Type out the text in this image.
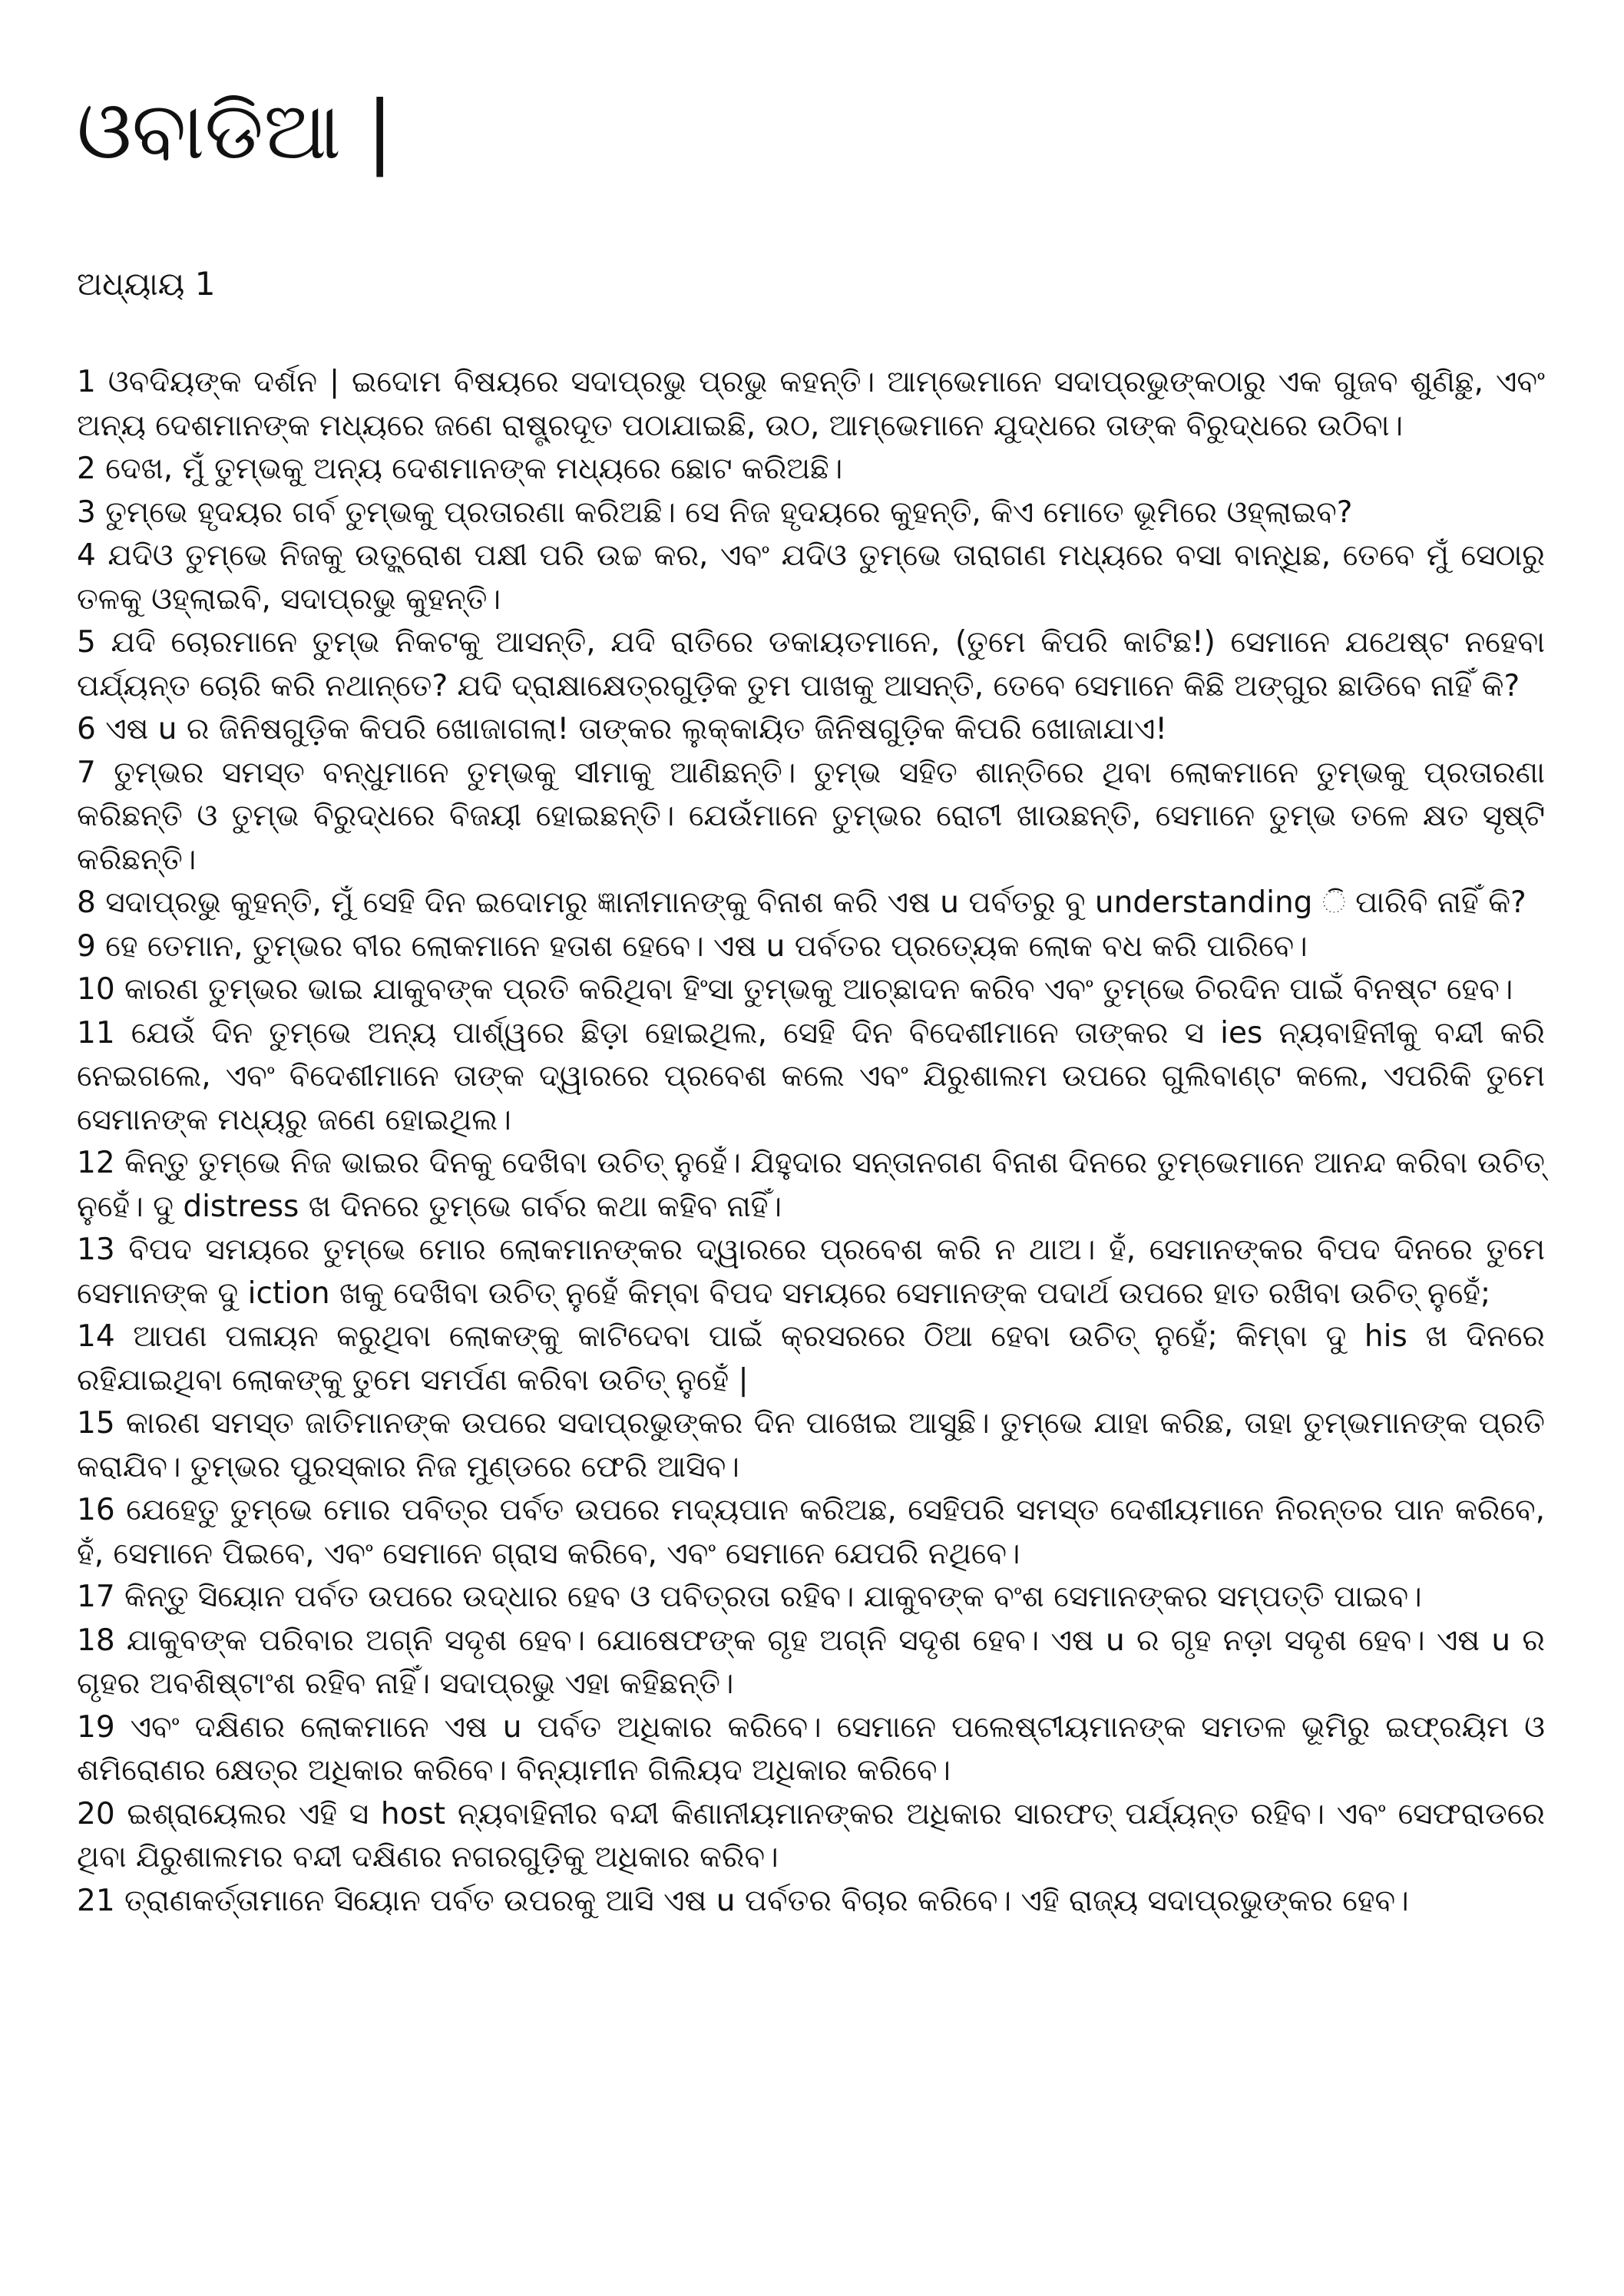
ଓବାଡିଆ |
ଅଧ୍ୟାୟ 1

1 ଓବଦିୟଙ୍କ ଦର୍ଶନ | ଇଦୋମ ବିଷୟରେ ସଦାପ୍ରଭୁ ପ୍ରଭୁ କହନ୍ତି। ଆମ୍ଭେମାନେ ସଦାପ୍ରଭୁଙ୍କଠାରୁ ଏକ ଗୁଜବ ଶୁଣିଛୁ, ଏବଂ ଅନ୍ୟ ଦେଶମାନଙ୍କ ମଧ୍ୟରେ ଜଣେ ରାଷ୍ଟ୍ରଦୂତ ପଠାଯାଇଛି, ଉଠ, ଆମ୍ଭେମାନେ ଯୁଦ୍ଧରେ ତାଙ୍କ ବିରୁଦ୍ଧରେ ଉଠିବା।

2 ଦେଖ, ମୁଁ ତୁମ୍ଭକୁ ଅନ୍ୟ ଦେଶମାନଙ୍କ ମଧ୍ୟରେ ଛୋଟ କରିଅଛି।

3 ତୁମ୍ଭେ ହୃଦୟର ଗର୍ବ ତୁମ୍ଭକୁ ପ୍ରତାରଣା କରିଅଛି। ସେ ନିଜ ହୃଦୟରେ କୁହନ୍ତି, କିଏ ମୋତେ ଭୂମିରେ ଓହ୍ଲାଇବ?

4 ଯଦିଓ ତୁମ୍ଭେ ନିଜକୁ ଉତ୍କ୍ରୋଶ ପକ୍ଷୀ ପରି ଉଚ୍ଚ କର, ଏବଂ ଯଦିଓ ତୁମ୍ଭେ ତାରାଗଣ ମଧ୍ୟରେ ବସା ବାନ୍ଧିଛ, ତେବେ ମୁଁ ସେଠାରୁ ତଳକୁ ଓହ୍ଲାଇବି, ସଦାପ୍ରଭୁ କୁହନ୍ତି।

5 ଯଦି ଚୋରମାନେ ତୁମ୍ଭ ନିକଟକୁ ଆସନ୍ତି, ଯଦି ରାତିରେ ଡକାୟତମାନେ, (ତୁମେ କିପରି କାଟିଛ!) ସେମାନେ ଯଥେଷ୍ଟ ନହେବା ପର୍ଯ୍ୟନ୍ତ ଚୋରି କରି ନଥାନ୍ତେ? ଯଦି ଦ୍ରାକ୍ଷାକ୍ଷେତ୍ରଗୁଡ଼ିକ ତୁମ ପାଖକୁ ଆସନ୍ତି, ତେବେ ସେମାନେ କିଛି ଅଙ୍ଗୁର ଛାଡିବେ ନାହିଁ କି?

6 ଏଷ u ର ଜିନିଷଗୁଡ଼ିକ କିପରି ଖୋଜାଗଲା! ତାଙ୍କର ଲୁକ୍କାୟିତ ଜିନିଷଗୁଡ଼ିକ କିପରି ଖୋଜାଯାଏ!

7 ତୁମ୍ଭର ସମସ୍ତ ବନ୍ଧୁମାନେ ତୁମ୍ଭକୁ ସୀମାକୁ ଆଣିଛନ୍ତି। ତୁମ୍ଭ ସହିତ ଶାନ୍ତିରେ ଥିବା ଲୋକମାନେ ତୁମ୍ଭକୁ ପ୍ରତାରଣା କରିଛନ୍ତି ଓ ତୁମ୍ଭ ବିରୁଦ୍ଧରେ ବିଜୟୀ ହୋଇଛନ୍ତି। ଯେଉଁମାନେ ତୁମ୍ଭର ରୋଟୀ ଖାଉଛନ୍ତି, ସେମାନେ ତୁମ୍ଭ ତଳେ କ୍ଷତ ସୃଷ୍ଟି କରିଛନ୍ତି।

8 ସଦାପ୍ରଭୁ କୁହନ୍ତି, ମୁଁ ସେହି ଦିନ ଇଦୋମରୁ ଜ୍ଞାନୀମାନଙ୍କୁ ବିନାଶ କରି ଏଷ u ପର୍ବତରୁ ବୁ understanding ି ପାରିବି ନାହିଁ କି?

9 ହେ ତେମାନ, ତୁମ୍ଭର ବୀର ଲୋକମାନେ ହତାଶ ହେବେ। ଏଷ u ପର୍ବତର ପ୍ରତ୍ୟେକ ଲୋକ ବଧ କରି ପାରିବେ।

10 କାରଣ ତୁମ୍ଭର ଭାଇ ଯାକୁବଙ୍କ ପ୍ରତି କରିଥିବା ହିଂସା ତୁମ୍ଭକୁ ଆଚ୍ଛାଦନ କରିବ ଏବଂ ତୁମ୍ଭେ ଚିରଦିନ ପାଇଁ ବିନଷ୍ଟ ହେବ।

11 ଯେଉଁ ଦିନ ତୁମ୍ଭେ ଅନ୍ୟ ପାର୍ଶ୍ୱରେ ଛିଡ଼ା ହୋଇଥିଲ, ସେହି ଦିନ ବିଦେଶୀମାନେ ତାଙ୍କର ସ ies ନ୍ୟବାହିନୀକୁ ବନ୍ଦୀ କରି ନେଇଗଲେ, ଏବଂ ବିଦେଶୀମାନେ ତାଙ୍କ ଦ୍ୱାରରେ ପ୍ରବେଶ କଲେ ଏବଂ ଯିରୁଶାଲମ ଉପରେ ଗୁଲିବାଣ୍ଟ କଲେ, ଏପରିକି ତୁମେ ସେମାନଙ୍କ ମଧ୍ୟରୁ ଜଣେ ହୋଇଥିଲ।

12 କିନ୍ତୁ ତୁମ୍ଭେ ନିଜ ଭାଇର ଦିନକୁ ଦେଖିବା ଉଚିତ୍ ନୁହେଁ। ଯିହୁଦାର ସନ୍ତାନଗଣ ବିନାଶ ଦିନରେ ତୁମ୍ଭେମାନେ ଆନନ୍ଦ କରିବା ଉଚିତ୍ ନୁହେଁ। ଦୁ distress ଖ ଦିନରେ ତୁମ୍ଭେ ଗର୍ବର କଥା କହିବ ନାହିଁ।

13 ବିପଦ ସମୟରେ ତୁମ୍ଭେ ମୋର ଲୋକମାନଙ୍କର ଦ୍ୱାରରେ ପ୍ରବେଶ କରି ନ ଥାଅ। ହଁ, ସେମାନଙ୍କର ବିପଦ ଦିନରେ ତୁମେ ସେମାନଙ୍କ ଦୁ iction ଖକୁ ଦେଖିବା ଉଚିତ୍ ନୁହେଁ କିମ୍ବା ବିପଦ ସମୟରେ ସେମାନଙ୍କ ପଦାର୍ଥ ଉପରେ ହାତ ରଖିବା ଉଚିତ୍ ନୁହେଁ;

14 ଆପଣ ପଳାୟନ କରୁଥିବା ଲୋକଙ୍କୁ କାଟିଦେବା ପାଇଁ କ୍ରସରରେ ଠିଆ ହେବା ଉଚିତ୍ ନୁହେଁ; କିମ୍ବା ଦୁ his ଖ ଦିନରେ ରହିଯାଇଥିବା ଲୋକଙ୍କୁ ତୁମେ ସମର୍ପଣ କରିବା ଉଚିତ୍ ନୁହେଁ |

15 କାରଣ ସମସ୍ତ ଜାତିମାନଙ୍କ ଉପରେ ସଦାପ୍ରଭୁଙ୍କର ଦିନ ପାଖେଇ ଆସୁଛି। ତୁମ୍ଭେ ଯାହା କରିଛ, ତାହା ତୁମ୍ଭମାନଙ୍କ ପ୍ରତି କରାଯିବ। ତୁମ୍ଭର ପୁରସ୍କାର ନିଜ ମୁଣ୍ଡରେ ଫେରି ଆସିବ।

16 ଯେହେତୁ ତୁମ୍ଭେ ମୋର ପବିତ୍ର ପର୍ବତ ଉପରେ ମଦ୍ୟପାନ କରିଅଛ, ସେହିପରି ସମସ୍ତ ଦେଶୀୟମାନେ ନିରନ୍ତର ପାନ କରିବେ, ହଁ, ସେମାନେ ପିଇବେ, ଏବଂ ସେମାନେ ଗ୍ରାସ କରିବେ, ଏବଂ ସେମାନେ ଯେପରି ନଥିବେ।

17 କିନ୍ତୁ ସିୟୋନ ପର୍ବତ ଉପରେ ଉଦ୍ଧାର ହେବ ଓ ପବିତ୍ରତା ରହିବ। ଯାକୁବଙ୍କ ବଂଶ ସେମାନଙ୍କର ସମ୍ପତ୍ତି ପାଇବ।

18 ଯାକୁବଙ୍କ ପରିବାର ଅଗ୍ନି ସଦୃଶ ହେବ। ଯୋଷେଫଙ୍କ ଗୃହ ଅଗ୍ନି ସଦୃଶ ହେବ। ଏଷ u ର ଗୃହ ନଡ଼ା ସଦୃଶ ହେବ। ଏଷ u ର ଗୃହର ଅବଶିଷ୍ଟାଂଶ ରହିବ ନାହିଁ। ସଦାପ୍ରଭୁ ଏହା କହିଛନ୍ତି।

19 ଏବଂ ଦକ୍ଷିଣର ଲୋକମାନେ ଏଷ u ପର୍ବତ ଅଧିକାର କରିବେ। ସେମାନେ ପଲେଷ୍ଟୀୟମାନଙ୍କ ସମତଳ ଭୂମିରୁ ଇଫ୍ରୟିମ ଓ ଶମିରୋଣର କ୍ଷେତ୍ର ଅଧିକାର କରିବେ। ବିନ୍ୟାମୀନ ଗିଲିୟଦ ଅଧିକାର କରିବେ।

20 ଇଶ୍ରାୟେଲର ଏହି ସ host ନ୍ୟବାହିନୀର ବନ୍ଦୀ କିଣାନୀୟମାନଙ୍କର ଅଧିକାର ସାରଫତ୍ ପର୍ଯ୍ୟନ୍ତ ରହିବ। ଏବଂ ସେଫରାଡରେ ଥିବା ଯିରୁଶାଲମର ବନ୍ଦୀ ଦକ୍ଷିଣର ନଗରଗୁଡ଼ିକୁ ଅଧିକାର କରିବ।

21 ତ୍ରାଣକର୍ତ୍ତାମାନେ ସିୟୋନ ପର୍ବତ ଉପରକୁ ଆସି ଏଷ u ପର୍ବତର ବିଚାର କରିବେ। ଏହି ରାଜ୍ୟ ସଦାପ୍ରଭୁଙ୍କର ହେବ।
